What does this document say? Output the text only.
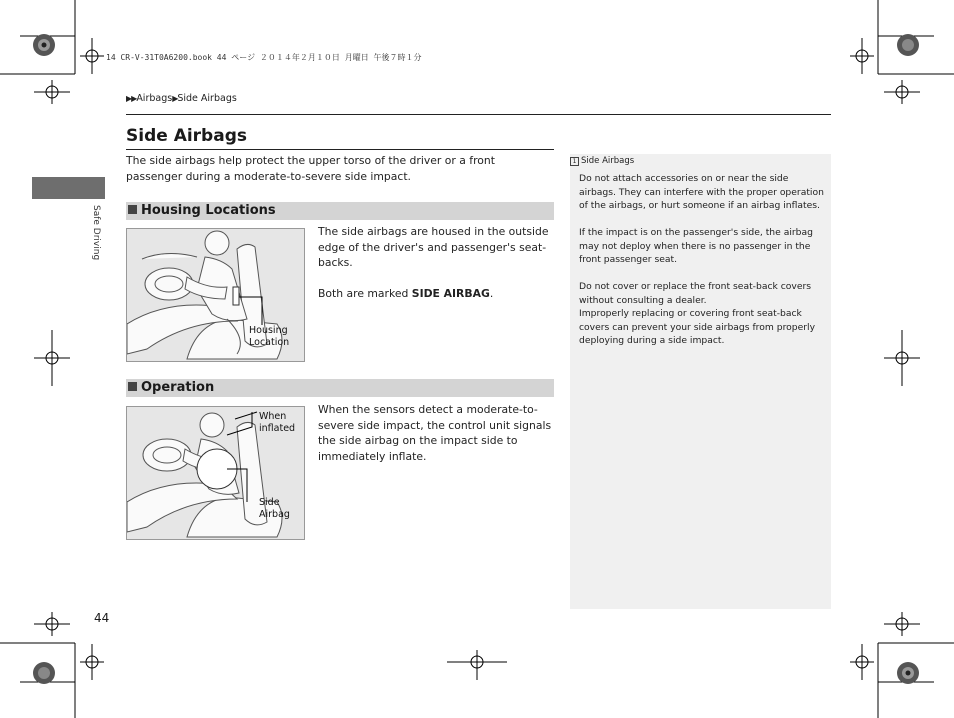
14 CR-V-31T0A6200.book 44 ページ ２０１４年２月１０日 月曜日 午後７時１分
▶▶Airbags▶Side Airbags
Safe Driving
Side Airbags
The side airbags help protect the upper torso of the driver or a front passenger during a moderate-to-severe side impact.
Housing Locations
Housing
Location
The side airbags are housed in the outside edge of the driver's and passenger's seat-backs.
Both are marked SIDE AIRBAG.
Operation
When
inflated
Side
Airbag
When the sensors detect a moderate-to-severe side impact, the control unit signals the side airbag on the impact side to immediately inflate.
1 Side Airbags

Do not attach accessories on or near the side airbags. They can interfere with the proper operation of the airbags, or hurt someone if an airbag inflates.

If the impact is on the passenger's side, the airbag may not deploy when there is no passenger in the front passenger seat.

Do not cover or replace the front seat-back covers without consulting a dealer.

Improperly replacing or covering front seat-back covers can prevent your side airbags from properly deploying during a side impact.

44
